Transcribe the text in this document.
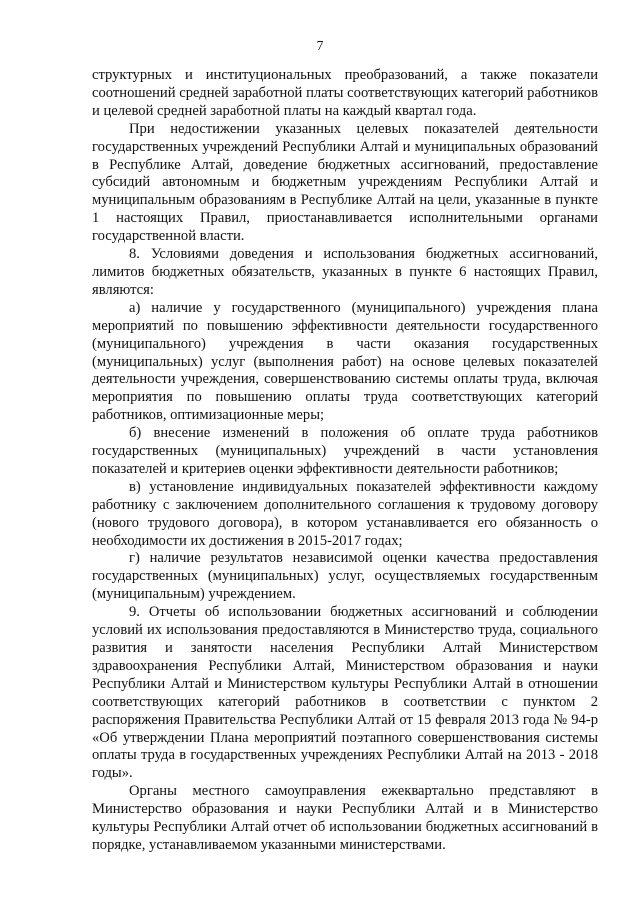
7

структурных и институциональных преобразований, а также показатели соотношений средней заработной платы соответствующих категорий работников и целевой средней заработной платы на каждый квартал года.

При недостижении указанных целевых показателей деятельности государственных учреждений Республики Алтай и муниципальных образований в Республике Алтай, доведение бюджетных ассигнований, предоставление субсидий автономным и бюджетным учреждениям Республики Алтай и муниципальным образованиям в Республике Алтай на цели, указанные в пункте 1 настоящих Правил, приостанавливается исполнительными органами государственной власти.

8. Условиями доведения и использования бюджетных ассигнований, лимитов бюджетных обязательств, указанных в пункте 6 настоящих Правил, являются:

а) наличие у государственного (муниципального) учреждения плана мероприятий по повышению эффективности деятельности государственного (муниципального) учреждения в части оказания государственных (муниципальных) услуг (выполнения работ) на основе целевых показателей деятельности учреждения, совершенствованию системы оплаты труда, включая мероприятия по повышению оплаты труда соответствующих категорий работников, оптимизационные меры;

б) внесение изменений в положения об оплате труда работников государственных (муниципальных) учреждений в части установления показателей и критериев оценки эффективности деятельности работников;

в) установление индивидуальных показателей эффективности каждому работнику с заключением дополнительного соглашения к трудовому договору (нового трудового договора), в котором устанавливается его обязанность о необходимости их достижения в 2015-2017 годах;

г) наличие результатов независимой оценки качества предоставления государственных (муниципальных) услуг, осуществляемых государственным (муниципальным) учреждением.

9. Отчеты об использовании бюджетных ассигнований и соблюдении условий их использования предоставляются в Министерство труда, социального развития и занятости населения Республики Алтай Министерством здравоохранения Республики Алтай, Министерством образования и науки Республики Алтай и Министерством культуры Республики Алтай в отношении соответствующих категорий работников в соответствии с пунктом 2 распоряжения Правительства Республики Алтай от 15 февраля 2013 года № 94-р «Об утверждении Плана мероприятий поэтапного совершенствования системы оплаты труда в государственных учреждениях Республики Алтай на 2013 - 2018 годы».

Органы местного самоуправления ежеквартально представляют в Министерство образования и науки Республики Алтай и в Министерство культуры Республики Алтай отчет об использовании бюджетных ассигнований в порядке, устанавливаемом указанными министерствами.
